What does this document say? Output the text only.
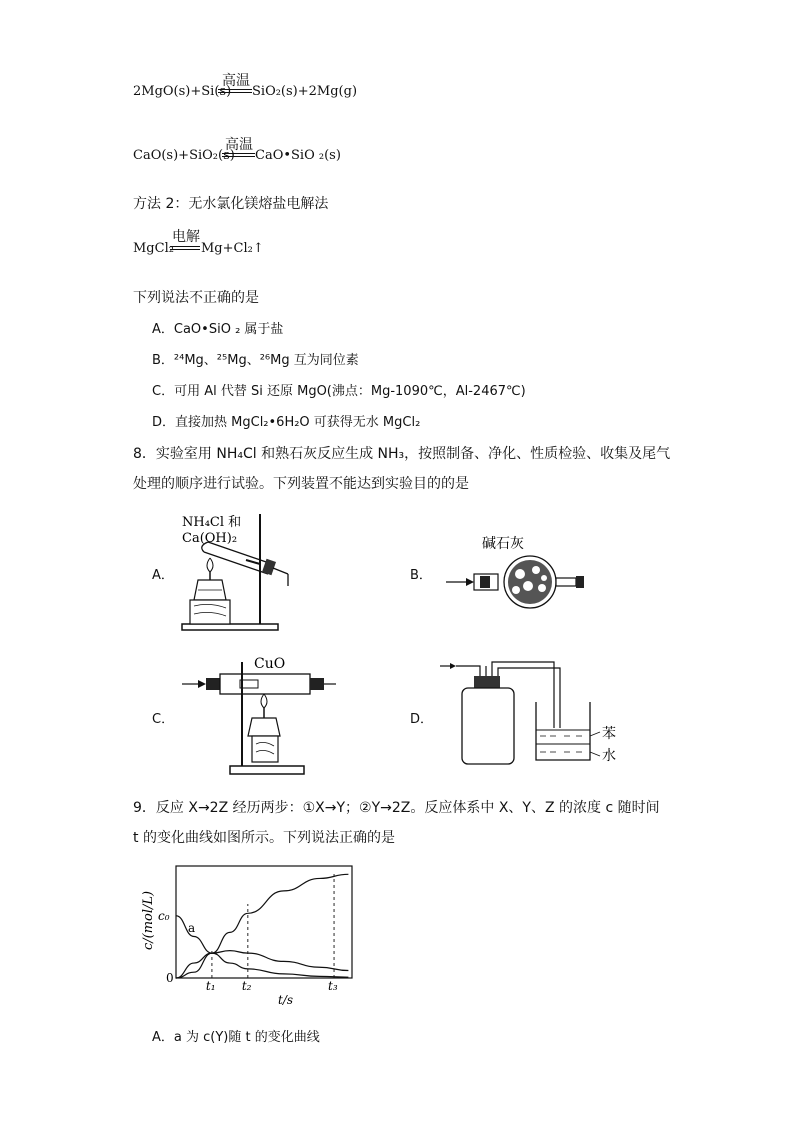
2MgO(s)+Si(s)
高温
SiO₂(s)+2Mg(g)
CaO(s)+SiO₂(s)
高温
CaO•SiO ₂(s)
方法 2：无水氯化镁熔盐电解法
MgCl₂
电解
Mg+Cl₂↑
下列说法不正确的是
A．CaO•SiO ₂ 属于盐
B．²⁴Mg、²⁵Mg、²⁶Mg 互为同位素
C．可用 Al 代替 Si 还原 MgO(沸点：Mg-1090℃，Al-2467℃)
D．直接加热 MgCl₂•6H₂O 可获得无水 MgCl₂
8．实验室用 NH₄Cl 和熟石灰反应生成 NH₃，按照制备、净化、性质检验、收集及尾气
处理的顺序进行试验。下列装置不能达到实验目的的是
A．	B．
C．	D．
NH₄Cl 和
Ca(OH)₂	碱石灰
CuO
苯
水
9．反应 X→2Z 经历两步：①X→Y；②Y→2Z。反应体系中 X、Y、Z 的浓度 c 随时间
t 的变化曲线如图所示。下列说法正确的是
c/(mol/L) c₀
0
a
t₁ t₂	t₃
t/s
A．a 为 c(Y)随 t 的变化曲线
